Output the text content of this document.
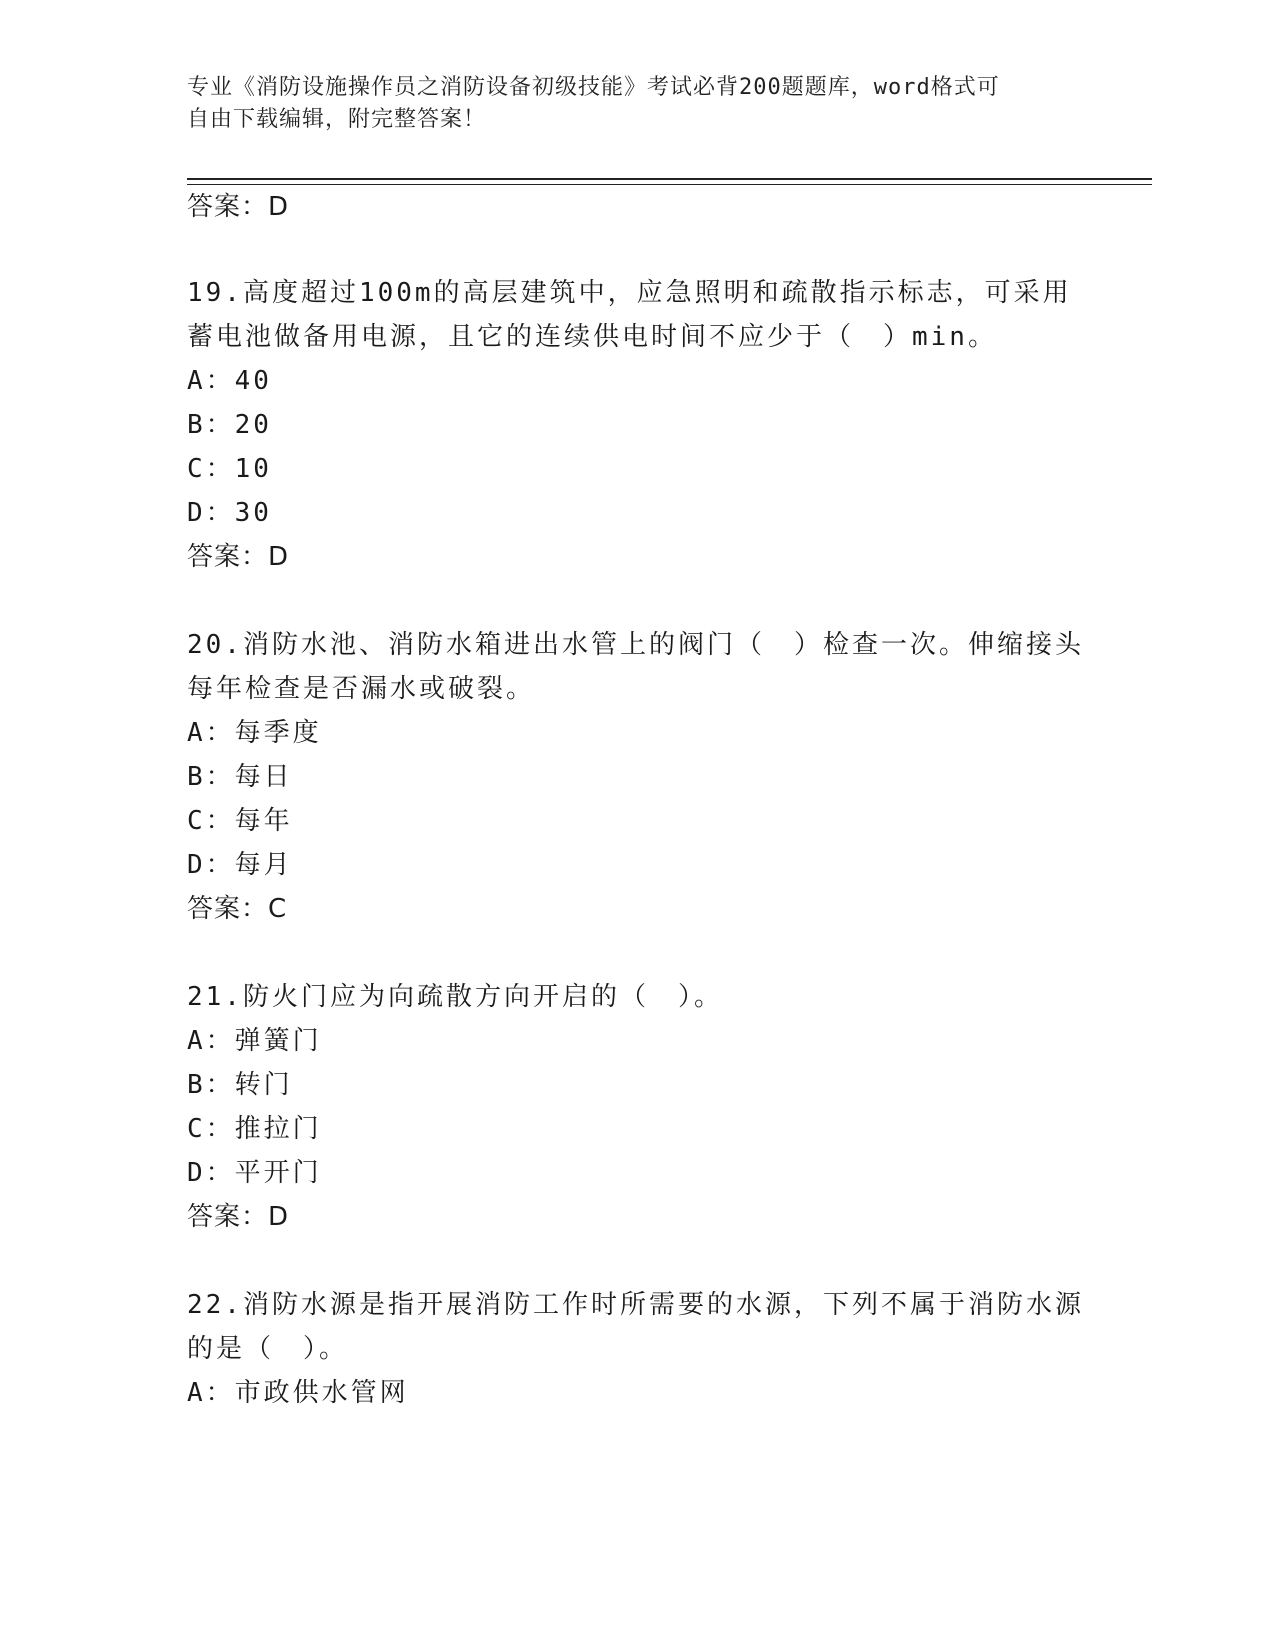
专业《消防设施操作员之消防设备初级技能》考试必背200题题库，word格式可
自由下载编辑，附完整答案！
答案：D
19.高度超过100m的高层建筑中，应急照明和疏散指示标志，可采用
蓄电池做备用电源，且它的连续供电时间不应少于（　）min。
A：40
B：20
C：10
D：30
答案：D
20.消防水池、消防水箱进出水管上的阀门（　）检查一次。伸缩接头
每年检查是否漏水或破裂。
A：每季度
B：每日
C：每年
D：每月
答案：C
21.防火门应为向疏散方向开启的（　）。
A：弹簧门
B：转门
C：推拉门
D：平开门
答案：D
22.消防水源是指开展消防工作时所需要的水源，下列不属于消防水源
的是（　）。
A：市政供水管网
